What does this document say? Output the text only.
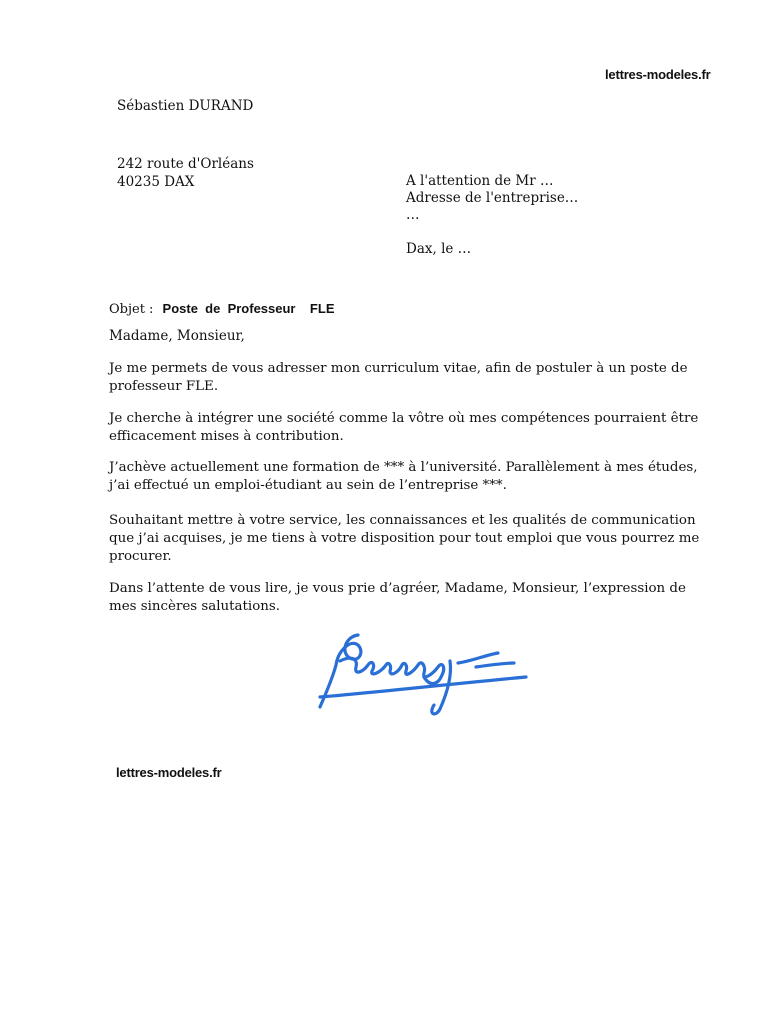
lettres-modeles.fr
Sébastien DURAND
242 route d'Orléans
40235 DAX	A l'attention de Mr …
Adresse de l'entreprise…
…
Dax, le …
Objet : Poste  de  Professeur    FLE
Madame, Monsieur,

Je me permets de vous adresser mon curriculum vitae, afin de postuler à un poste de professeur FLE.

Je cherche à intégrer une société comme la vôtre où mes compétences pourraient être efficacement mises à contribution.

J’achève actuellement une formation de *** à l’université. Parallèlement à mes études, j’ai effectué un emploi-étudiant au sein de l’entreprise ***.

Souhaitant mettre à votre service, les connaissances et les qualités de communication que j’ai acquises, je me tiens à votre disposition pour tout emploi que vous pourrez me procurer.

Dans l’attente de vous lire, je vous prie d’agréer, Madame, Monsieur, l’expression de mes sincères salutations.

lettres-modeles.fr
